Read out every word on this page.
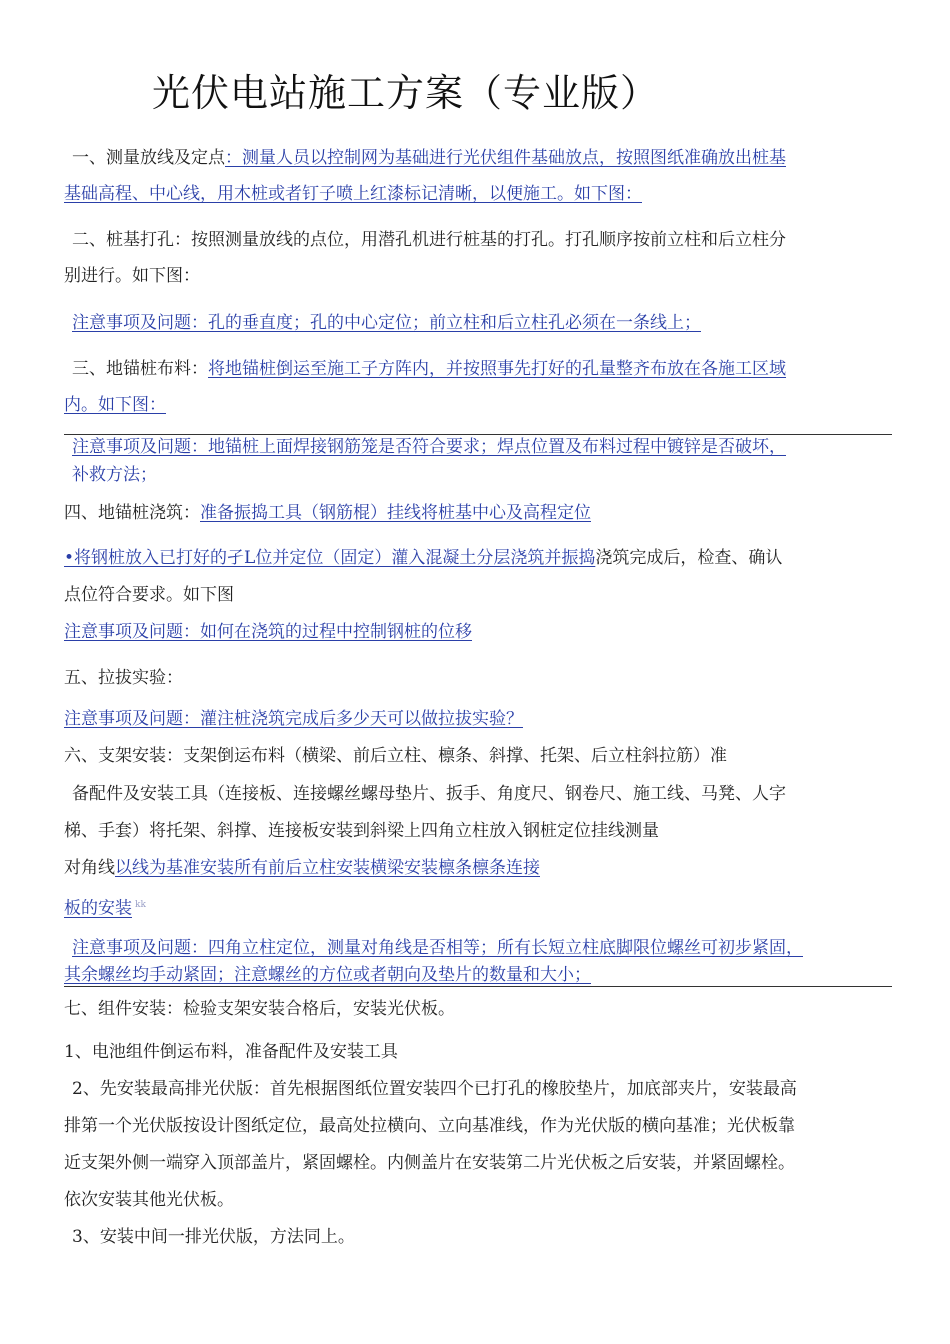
光伏电站施工方案（专业版）
一、测量放线及定点：测量人员以控制网为基础进行光伏组件基础放点，按照图纸准确放出桩基
基础高程、中心线，用木桩或者钉子喷上红漆标记清晰，以便施工。如下图：
二、桩基打孔：按照测量放线的点位，用潜孔机进行桩基的打孔。打孔顺序按前立柱和后立柱分
别进行。如下图：
注意事项及问题：孔的垂直度；孔的中心定位；前立柱和后立柱孔必须在一条线上；
三、地锚桩布料：将地锚桩倒运至施工子方阵内，并按照事先打好的孔量整齐布放在各施工区域
内。如下图：
注意事项及问题：地锚桩上面焊接钢筋笼是否符合要求；焊点位置及布料过程中镀锌是否破坏，
补救方法；
四、地锚桩浇筑：准备振捣工具（钢筋棍）挂线将桩基中心及高程定位
•将钢桩放入已打好的孑L位并定位（固定）灌入混凝土分层浇筑并振捣浇筑完成后，检查、确认
点位符合要求。如下图
注意事项及问题：如何在浇筑的过程中控制钢桩的位移
五、拉拔实验：
注意事项及问题：灌注桩浇筑完成后多少天可以做拉拔实验？
六、支架安装：支架倒运布料（横梁、前后立柱、檩条、斜撑、托架、后立柱斜拉筋）准
备配件及安装工具（连接板、连接螺丝螺母垫片、扳手、角度尺、钢卷尺、施工线、马凳、人字
梯、手套）将托架、斜撑、连接板安装到斜梁上四角立柱放入钢桩定位挂线测量
对角线以线为基准安装所有前后立柱安装横梁安装檩条檩条连接
板的安装 $^{kk}$
注意事项及问题：四角立柱定位，测量对角线是否相等；所有长短立柱底脚限位螺丝可初步紧固，
其余螺丝均手动紧固；注意螺丝的方位或者朝向及垫片的数量和大小；
七、组件安装：检验支架安装合格后，安装光伏板。
1、电池组件倒运布料，准备配件及安装工具
2、先安装最高排光伏版：首先根据图纸位置安装四个已打孔的橡胶垫片，加底部夹片，安装最高
排第一个光伏版按设计图纸定位，最高处拉横向、立向基准线，作为光伏版的横向基准；光伏板靠
近支架外侧一端穿入顶部盖片，紧固螺栓。内侧盖片在安装第二片光伏板之后安装，并紧固螺栓。
依次安装其他光伏板。
3、安装中间一排光伏版，方法同上。
